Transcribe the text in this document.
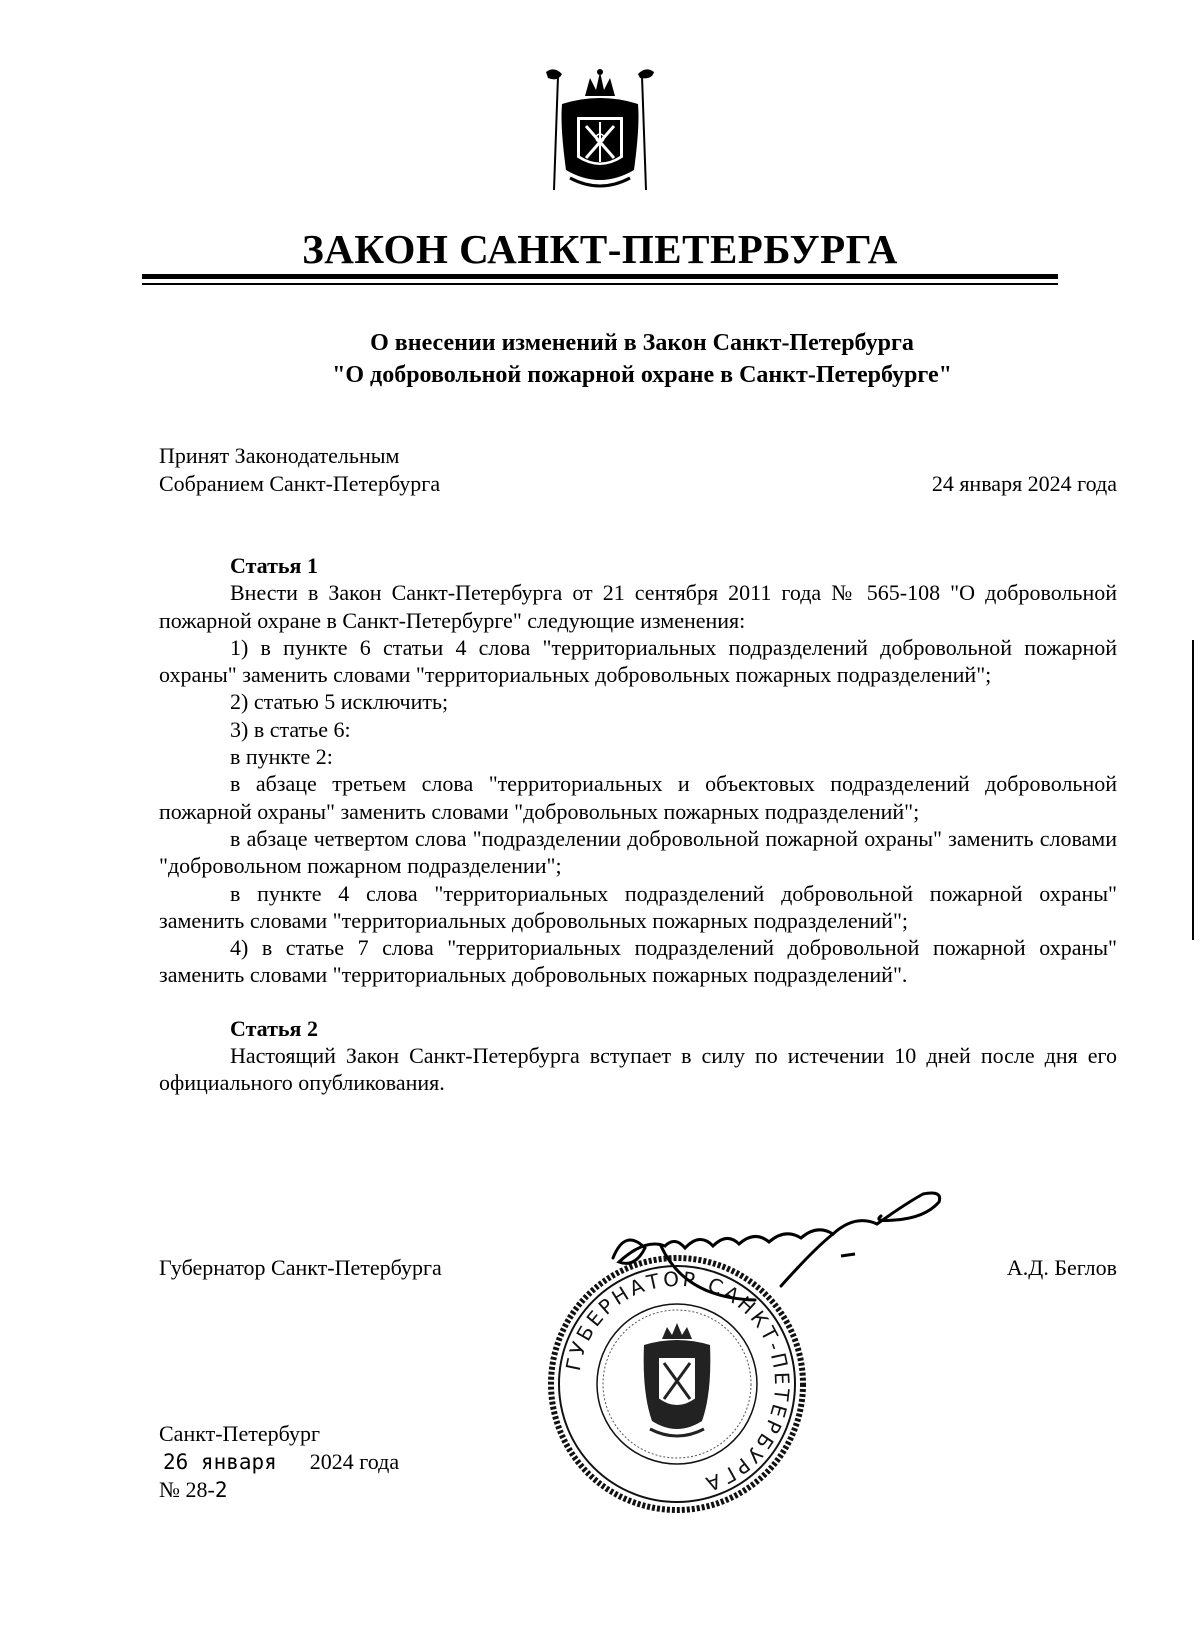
ЗАКОН САНКТ-ПЕТЕРБУРГА
О внесении изменений в Закон Санкт-Петербурга
"О добровольной пожарной охране в Санкт-Петербурге"
Принят Законодательным
Собранием Санкт-Петербурга	24 января 2024 года
Статья 1

Внести в Закон Санкт-Петербурга от 21 сентября 2011 года № 565-108 "О добровольной пожарной охране в Санкт-Петербурге" следующие изменения:

1) в пункте 6 статьи 4 слова "территориальных подразделений добровольной пожарной охраны" заменить словами "территориальных добровольных пожарных подразделений";

2) статью 5 исключить;

3) в статье 6:

в пункте 2:

в абзаце третьем слова "территориальных и объектовых подразделений добровольной пожарной охраны" заменить словами "добровольных пожарных подразделений";

в абзаце четвертом слова "подразделении добровольной пожарной охраны" заменить словами "добровольном пожарном подразделении";

в пункте 4 слова "территориальных подразделений добровольной пожарной охраны" заменить словами "территориальных добровольных пожарных подразделений";

4) в статье 7 слова "территориальных подразделений добровольной пожарной охраны" заменить словами "территориальных добровольных пожарных подразделений".

Статья 2

Настоящий Закон Санкт-Петербурга вступает в силу по истечении 10 дней после дня его официального опубликования.

Губернатор Санкт-Петербурга	А.Д. Беглов
ГУБЕРНАТОР САНКТ-ПЕТЕРБУРГА
Санкт-Петербург
26 января 2024 года
№ 28-2
